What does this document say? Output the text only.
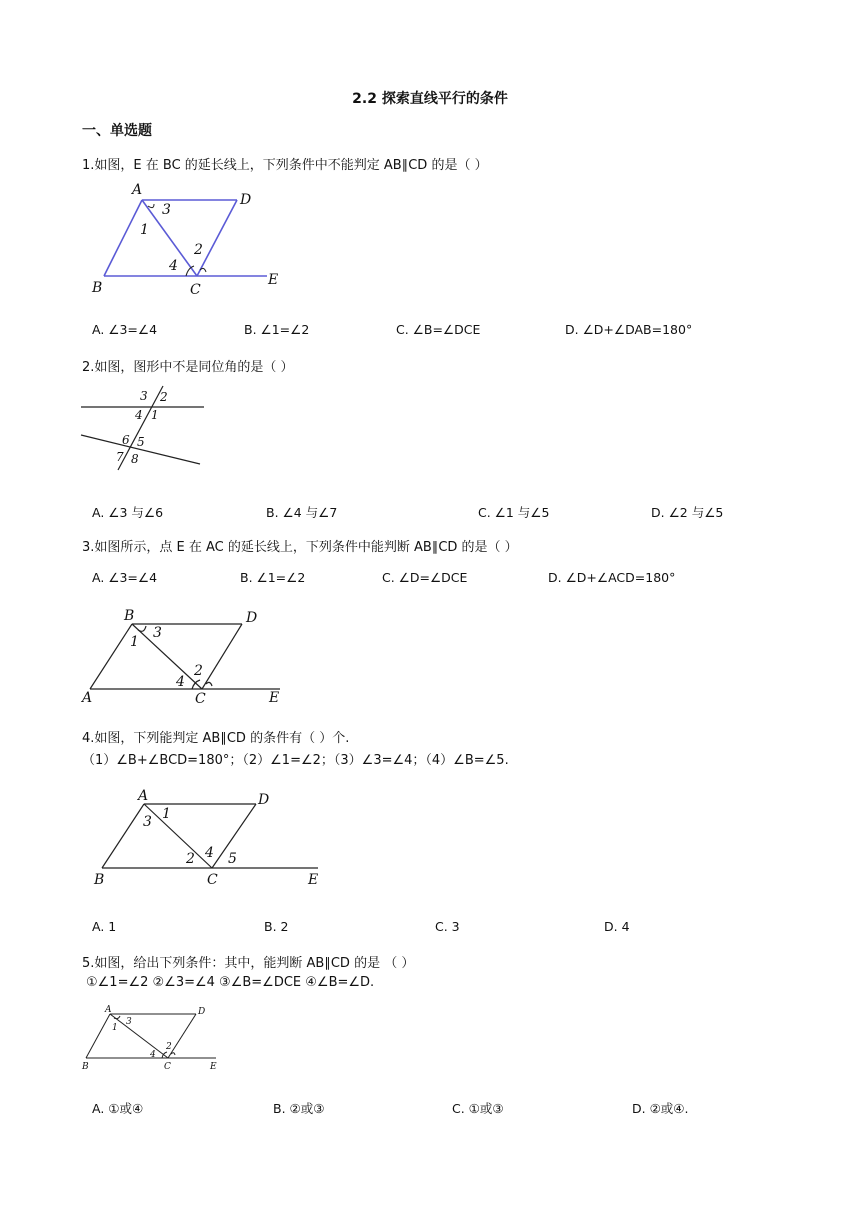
2.2 探索直线平行的条件
一、单选题
1.如图，E 在 BC 的延长线上，下列条件中不能判定 AB∥CD 的是（ ）
A
D
3
1
2
4
B	C
E
A. ∠3=∠4	B. ∠1=∠2	C. ∠B=∠DCE	D. ∠D+∠DAB=180°
2.如图，图形中不是同位角的是（ ）
3 2
4 1
6 5
7 8
A. ∠3 与∠6	B. ∠4 与∠7	C. ∠1 与∠5	D. ∠2 与∠5
3.如图所示，点 E 在 AC 的延长线上，下列条件中能判断 AB∥CD 的是（ ）
A. ∠3=∠4	B. ∠1=∠2	C. ∠D=∠DCE	D. ∠D+∠ACD=180°
B	D
3
1
2
4
A	C	E
4.如图，下列能判定 AB∥CD 的条件有（ ）个.
（1）∠B+∠BCD=180°；（2）∠1=∠2；（3）∠3=∠4；（4）∠B=∠5.
A	D
3 1
4
2 5
B	C	E
A. 1	B. 2	C. 3	D. 4
5.如图，给出下列条件：其中，能判断 AB∥CD 的是 （ ）
①∠1=∠2 ②∠3=∠4 ③∠B=∠DCE ④∠B=∠D.
A	D
3
1
4
2
B	C	E
A. ①或④	B. ②或③	C. ①或③	D. ②或④.
